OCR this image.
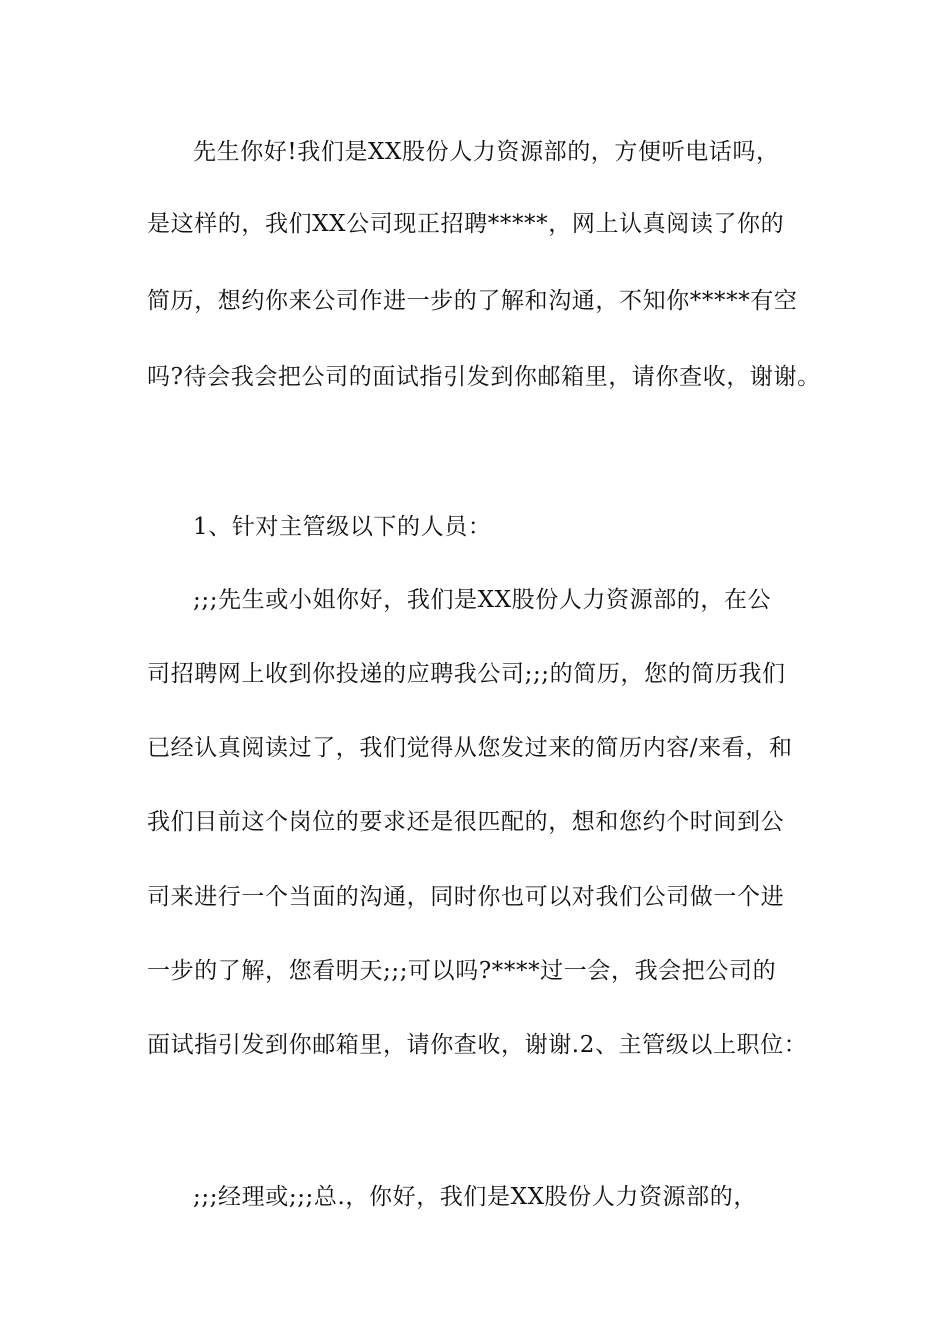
先生你好!我们是XX股份人力资源部的，方便听电话吗，

是这样的，我们XX公司现正招聘*****，网上认真阅读了你的

简历，想约你来公司作进一步的了解和沟通，不知你*****有空

吗?待会我会把公司的面试指引发到你邮箱里，请你查收，谢谢。

1、针对主管级以下的人员：

;;;先生或小姐你好，我们是XX股份人力资源部的，在公

司招聘网上收到你投递的应聘我公司;;;的简历，您的简历我们

已经认真阅读过了，我们觉得从您发过来的简历内容/来看，和

我们目前这个岗位的要求还是很匹配的，想和您约个时间到公

司来进行一个当面的沟通，同时你也可以对我们公司做一个进

一步的了解，您看明天;;;可以吗?****过一会，我会把公司的

面试指引发到你邮箱里，请你查收，谢谢.2、主管级以上职位：

;;;经理或;;;总.，你好，我们是XX股份人力资源部的，
